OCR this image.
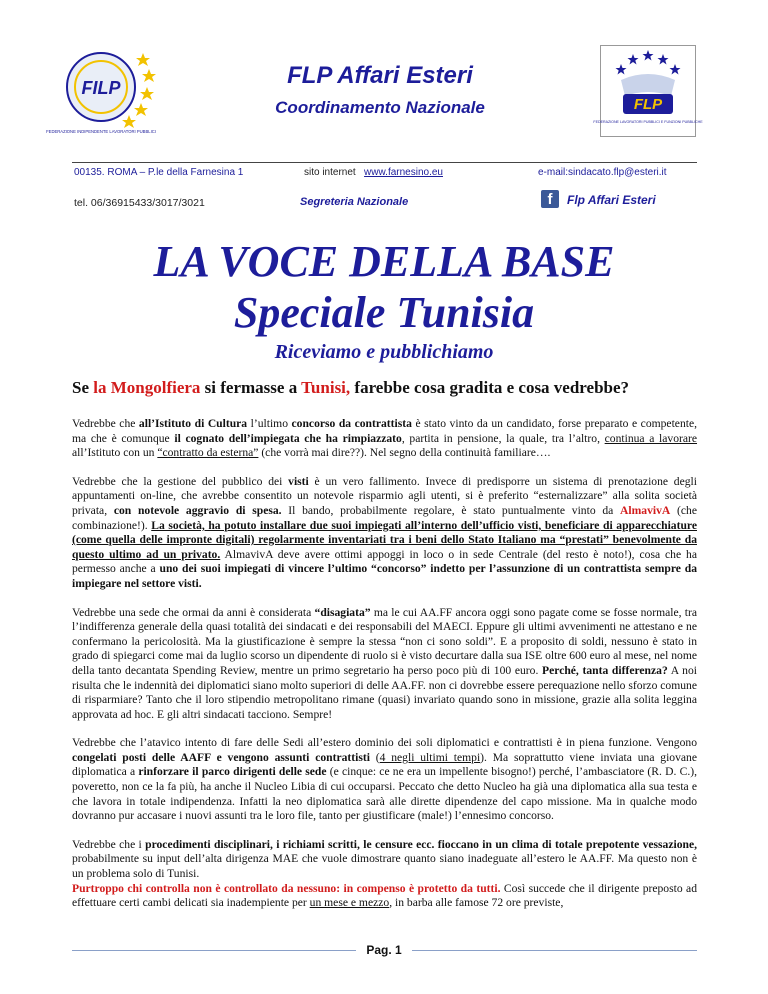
FILP
FEDERAZIONE INDIPENDENTE LAVORATORI PUBBLICI
FLP Affari Esteri
Coordinamento Nazionale	FLP
FEDERAZIONE LAVORATORI PUBBLICI E FUNZIONI PUBBLICHE
00135. ROMA – P.le della Farnesina 1	sito internet www.farnesino.eu	e-mail:sindacato.flp@esteri.it
tel. 06/36915433/3017/3021	Segreteria Nazionale	f	Flp Affari Esteri
LA VOCE DELLA BASE
Speciale Tunisia
Riceviamo e pubblichiamo
Se la Mongolfiera si fermasse a Tunisi, farebbe cosa gradita e cosa vedrebbe?

Vedrebbe che all’Istituto di Cultura l’ultimo concorso da contrattista è stato vinto da un candidato, forse preparato e competente, ma che è comunque il cognato dell’impiegata che ha rimpiazzato, partita in pensione, la quale, tra l’altro, continua a lavorare all’Istituto con un “contratto da esterna” (che vorrà mai dire??). Nel segno della continuità familiare….

Vedrebbe che la gestione del pubblico dei visti è un vero fallimento. Invece di predisporre un sistema di prenotazione degli appuntamenti on-line, che avrebbe consentito un notevole risparmio agli utenti, si è preferito “esternalizzare” alla solita società privata, con notevole aggravio di spesa. Il bando, probabilmente regolare, è stato puntualmente vinto da AlmavivA (che combinazione!). La società, ha potuto installare due suoi impiegati all’interno dell’ufficio visti, beneficiare di apparecchiature (come quella delle impronte digitali) regolarmente inventariati tra i beni dello Stato Italiano ma “prestati” benevolmente da questo ultimo ad un privato. AlmavivA deve avere ottimi appoggi in loco o in sede Centrale (del resto è noto!), cosa che ha permesso anche a uno dei suoi impiegati di vincere l’ultimo “concorso” indetto per l’assunzione di un contrattista sempre da impiegare nel settore visti.

Vedrebbe una sede che ormai da anni è considerata “disagiata” ma le cui AA.FF ancora oggi sono pagate come se fosse normale, tra l’indifferenza generale della quasi totalità dei sindacati e dei responsabili del MAECI. Eppure gli ultimi avvenimenti ne attestano e ne confermano la pericolosità. Ma la giustificazione è sempre la stessa “non ci sono soldi”. E a proposito di soldi, nessuno è stato in grado di spiegarci come mai da luglio scorso un dipendente di ruolo si è visto decurtare dalla sua ISE oltre 600 euro al mese, nel nome della tanto decantata Spending Review, mentre un primo segretario ha perso poco più di 100 euro. Perché, tanta differenza? A noi risulta che le indennità dei diplomatici siano molto superiori di delle AA.FF. non ci dovrebbe essere perequazione nello sforzo comune di risparmiare? Tanto che il loro stipendio metropolitano rimane (quasi) invariato quando sono in missione, grazie alla solita leggina approvata ad hoc. E gli altri sindacati tacciono. Sempre!

Vedrebbe che l’atavico intento di fare delle Sedi all’estero dominio dei soli diplomatici e contrattisti è in piena funzione. Vengono congelati posti delle AAFF e vengono assunti contrattisti (4 negli ultimi tempi). Ma soprattutto viene inviata una giovane diplomatica a rinforzare il parco dirigenti delle sede (e cinque: ce ne era un impellente bisogno!) perché, l’ambasciatore (R. D. C.), poveretto, non ce la fa più, ha anche il Nucleo Libia di cui occuparsi. Peccato che detto Nucleo ha già una diplomatica alla sua testa e che lavora in totale indipendenza. Infatti la neo diplomatica sarà alle dirette dipendenze del capo missione. Ma in qualche modo dovranno pur accasare i nuovi assunti tra le loro file, tanto per giustificare (male!) l’ennesimo concorso.

Vedrebbe che i procedimenti disciplinari, i richiami scritti, le censure ecc. fioccano in un clima di totale prepotente vessazione, probabilmente su input dell’alta dirigenza MAE che vuole dimostrare quanto siano inadeguate all’estero le AA.FF. Ma questo non è un problema solo di Tunisi.
Purtroppo chi controlla non è controllato da nessuno: in compenso è protetto da tutti. Così succede che il dirigente preposto ad effettuare certi cambi delicati sia inadempiente per un mese e mezzo, in barba alle famose 72 ore previste,

Pag. 1
